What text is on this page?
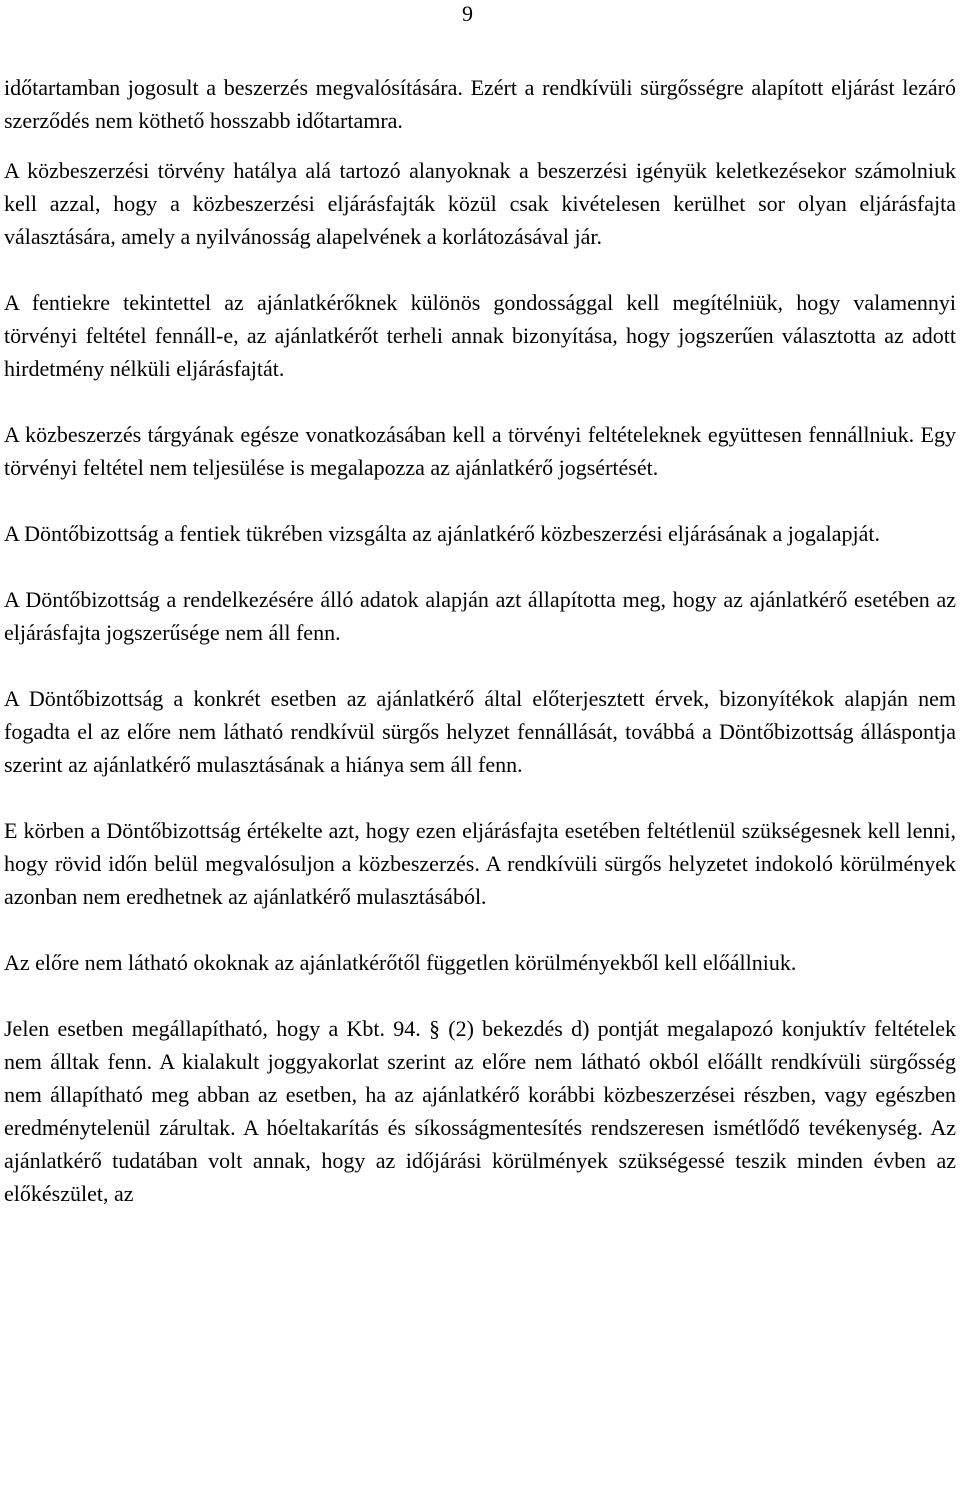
9

időtartamban jogosult a beszerzés megvalósítására. Ezért a rendkívüli sürgősségre alapított eljárást lezáró szerződés nem köthető hosszabb időtartamra.

A közbeszerzési törvény hatálya alá tartozó alanyoknak a beszerzési igényük keletkezésekor számolniuk kell azzal, hogy a közbeszerzési eljárásfajták közül csak kivételesen kerülhet sor olyan eljárásfajta választására, amely a nyilvánosság alapelvének a korlátozásával jár.

A fentiekre tekintettel az ajánlatkérőknek különös gondossággal kell megítélniük, hogy valamennyi törvényi feltétel fennáll-e, az ajánlatkérőt terheli annak bizonyítása, hogy jogszerűen választotta az adott hirdetmény nélküli eljárásfajtát.

A közbeszerzés tárgyának egésze vonatkozásában kell a törvényi feltételeknek együttesen fennállniuk. Egy törvényi feltétel nem teljesülése is megalapozza az ajánlatkérő jogsértését.

A Döntőbizottság a fentiek tükrében vizsgálta az ajánlatkérő közbeszerzési eljárásának a jogalapját.

A Döntőbizottság a rendelkezésére álló adatok alapján azt állapította meg, hogy az ajánlatkérő esetében az eljárásfajta jogszerűsége nem áll fenn.

A Döntőbizottság a konkrét esetben az ajánlatkérő által előterjesztett érvek, bizonyítékok alapján nem fogadta el az előre nem látható rendkívül sürgős helyzet fennállását, továbbá a Döntőbizottság álláspontja szerint az ajánlatkérő mulasztásának a hiánya sem áll fenn.

E körben a Döntőbizottság értékelte azt, hogy ezen eljárásfajta esetében feltétlenül szükségesnek kell lenni, hogy rövid időn belül megvalósuljon a közbeszerzés. A rendkívüli sürgős helyzetet indokoló körülmények azonban nem eredhetnek az ajánlatkérő mulasztásából.

Az előre nem látható okoknak az ajánlatkérőtől független körülményekből kell előállniuk.

Jelen esetben megállapítható, hogy a Kbt. 94. § (2) bekezdés d) pontját megalapozó konjuktív feltételek nem álltak fenn. A kialakult joggyakorlat szerint az előre nem látható okból előállt rendkívüli sürgősség nem állapítható meg abban az esetben, ha az ajánlatkérő korábbi közbeszerzései részben, vagy egészben eredménytelenül zárultak. A hóeltakarítás és síkosságmentesítés rendszeresen ismétlődő tevékenység. Az ajánlatkérő tudatában volt annak, hogy az időjárási körülmények szükségessé teszik minden évben az előkészület, az
